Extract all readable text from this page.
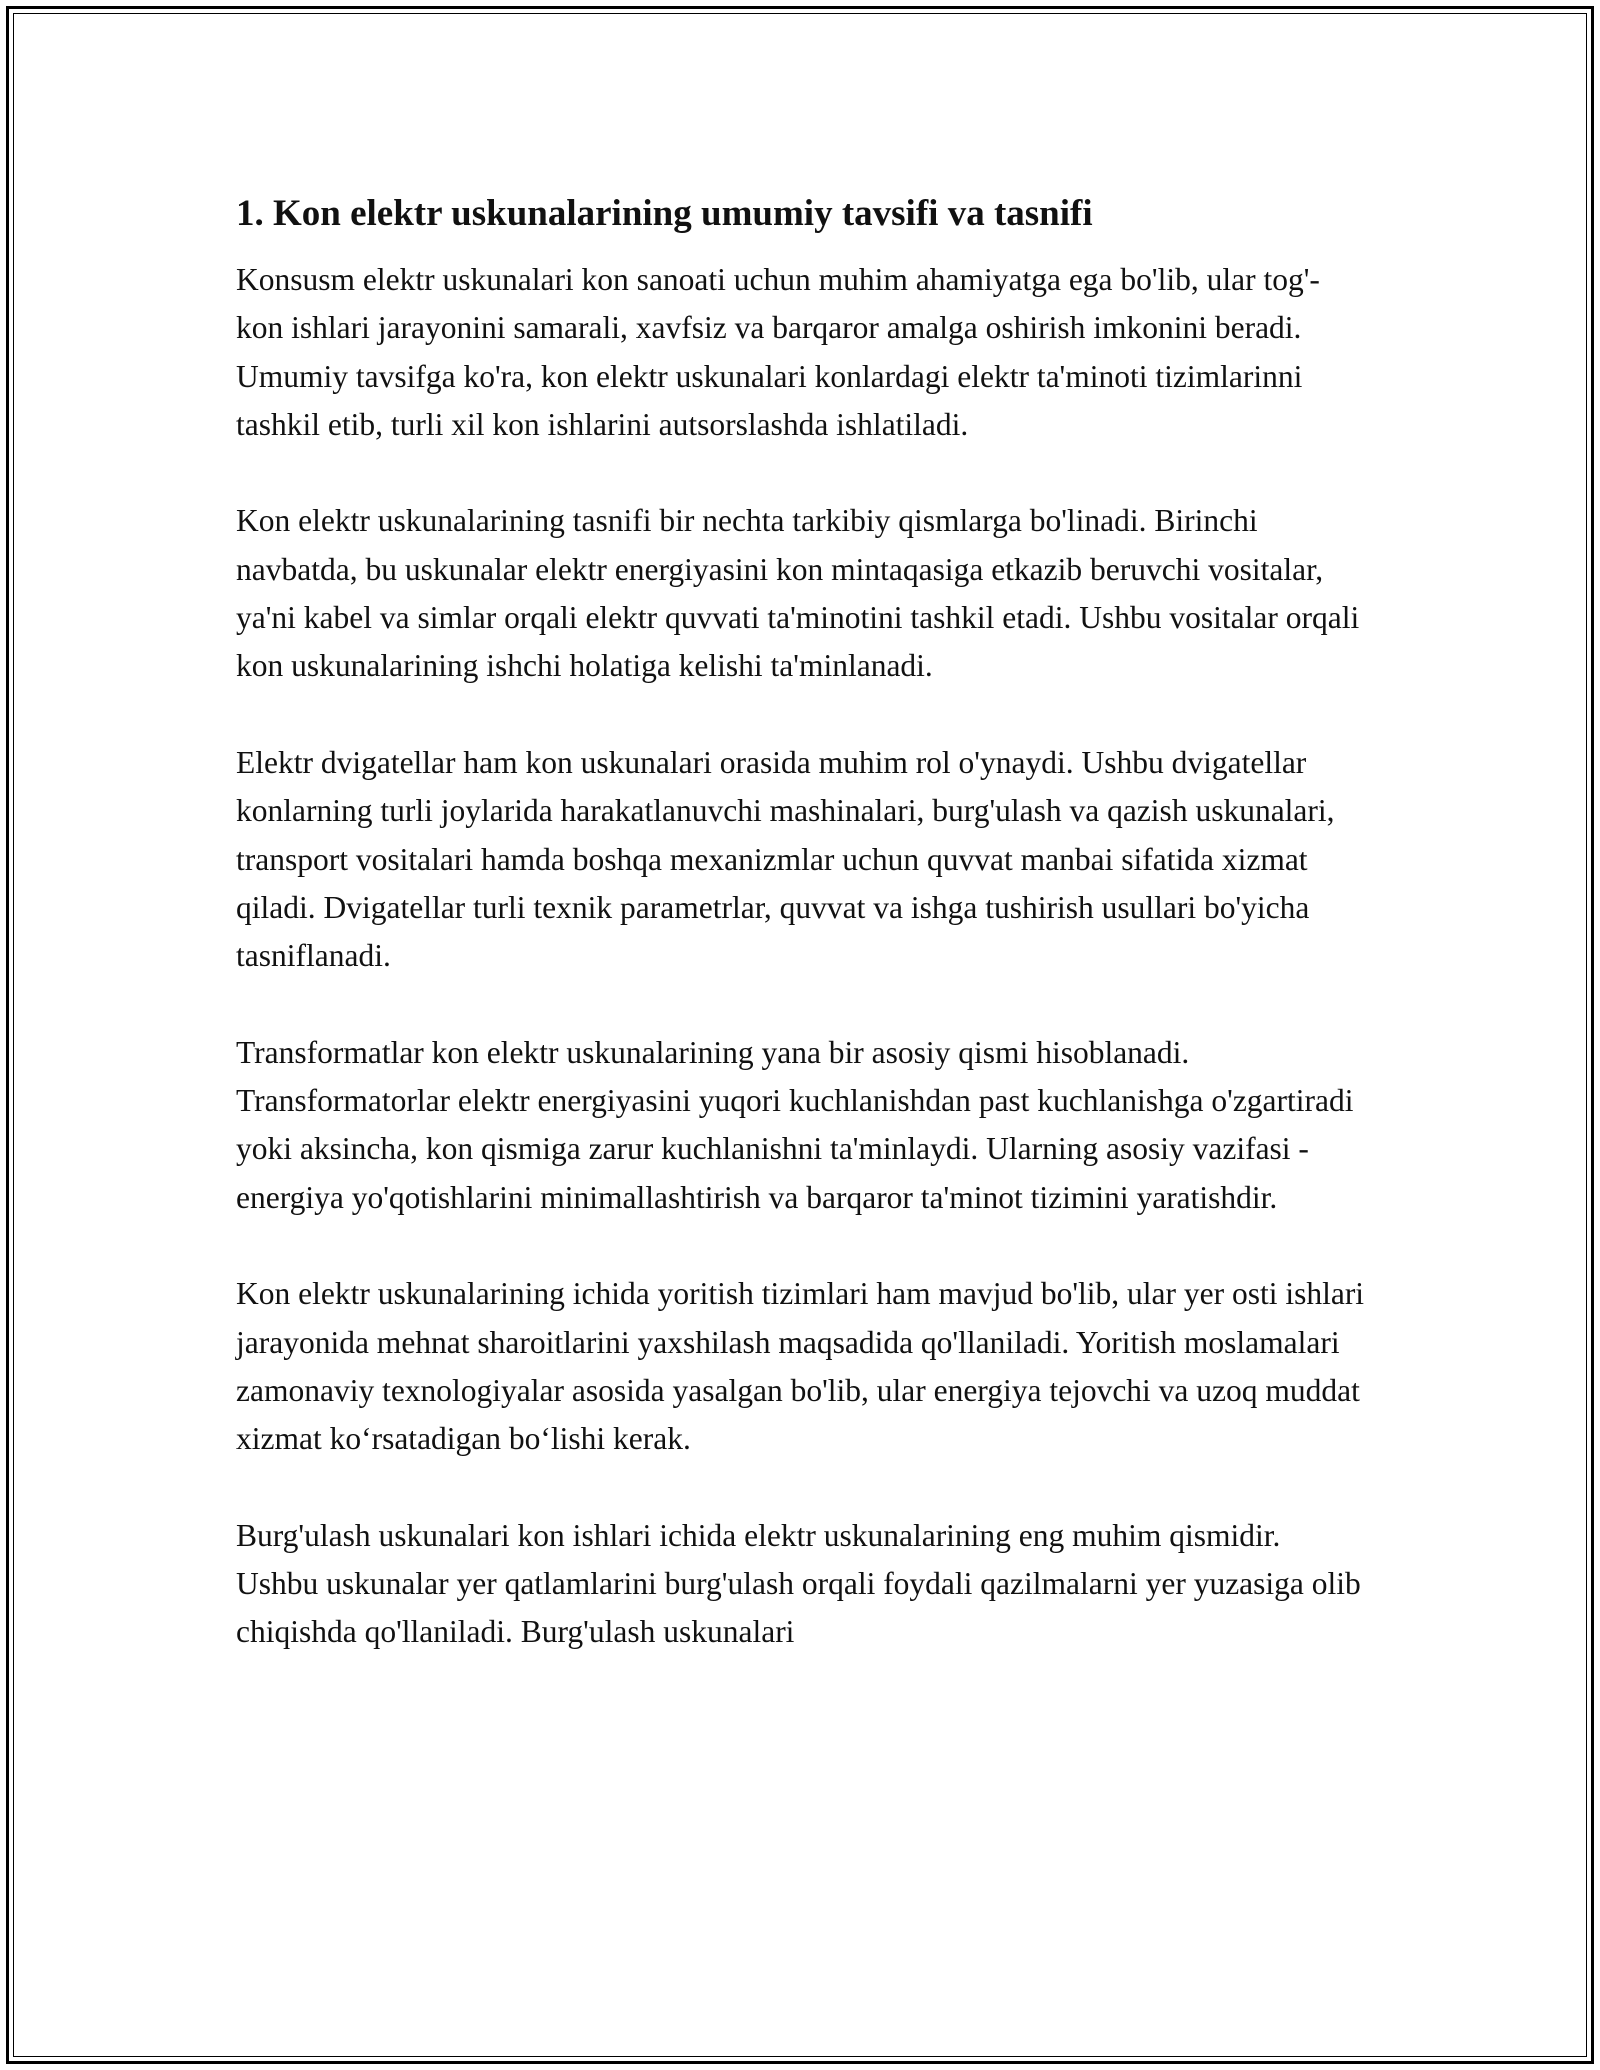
1. Kon elektr uskunalarining umumiy tavsifi va tasnifi

Konsusm elektr uskunalari kon sanoati uchun muhim ahamiyatga ega bo'lib, ular tog'-kon ishlari jarayonini samarali, xavfsiz va barqaror amalga oshirish imkonini beradi. Umumiy tavsifga ko'ra, kon elektr uskunalari konlardagi elektr ta'minoti tizimlarinni tashkil etib, turli xil kon ishlarini autsorslashda ishlatiladi.

Kon elektr uskunalarining tasnifi bir nechta tarkibiy qismlarga bo'linadi. Birinchi navbatda, bu uskunalar elektr energiyasini kon mintaqasiga etkazib beruvchi vositalar, ya'ni kabel va simlar orqali elektr quvvati ta'minotini tashkil etadi. Ushbu vositalar orqali kon uskunalarining ishchi holatiga kelishi ta'minlanadi.

Elektr dvigatellar ham kon uskunalari orasida muhim rol o'ynaydi. Ushbu dvigatellar konlarning turli joylarida harakatlanuvchi mashinalari, burg'ulash va qazish uskunalari, transport vositalari hamda boshqa mexanizmlar uchun quvvat manbai sifatida xizmat qiladi. Dvigatellar turli texnik parametrlar, quvvat va ishga tushirish usullari bo'yicha tasniflanadi.

Transformatlar kon elektr uskunalarining yana bir asosiy qismi hisoblanadi. Transformatorlar elektr energiyasini yuqori kuchlanishdan past kuchlanishga o'zgartiradi yoki aksincha, kon qismiga zarur kuchlanishni ta'minlaydi. Ularning asosiy vazifasi - energiya yo'qotishlarini minimallashtirish va barqaror ta'minot tizimini yaratishdir.

Kon elektr uskunalarining ichida yoritish tizimlari ham mavjud bo'lib, ular yer osti ishlari jarayonida mehnat sharoitlarini yaxshilash maqsadida qo'llaniladi. Yoritish moslamalari zamonaviy texnologiyalar asosida yasalgan bo'lib, ular energiya tejovchi va uzoq muddat xizmat ko‘rsatadigan bo‘lishi kerak.

Burg'ulash uskunalari kon ishlari ichida elektr uskunalarining eng muhim qismidir. Ushbu uskunalar yer qatlamlarini burg'ulash orqali foydali qazilmalarni yer yuzasiga olib chiqishda qo'llaniladi. Burg'ulash uskunalari
